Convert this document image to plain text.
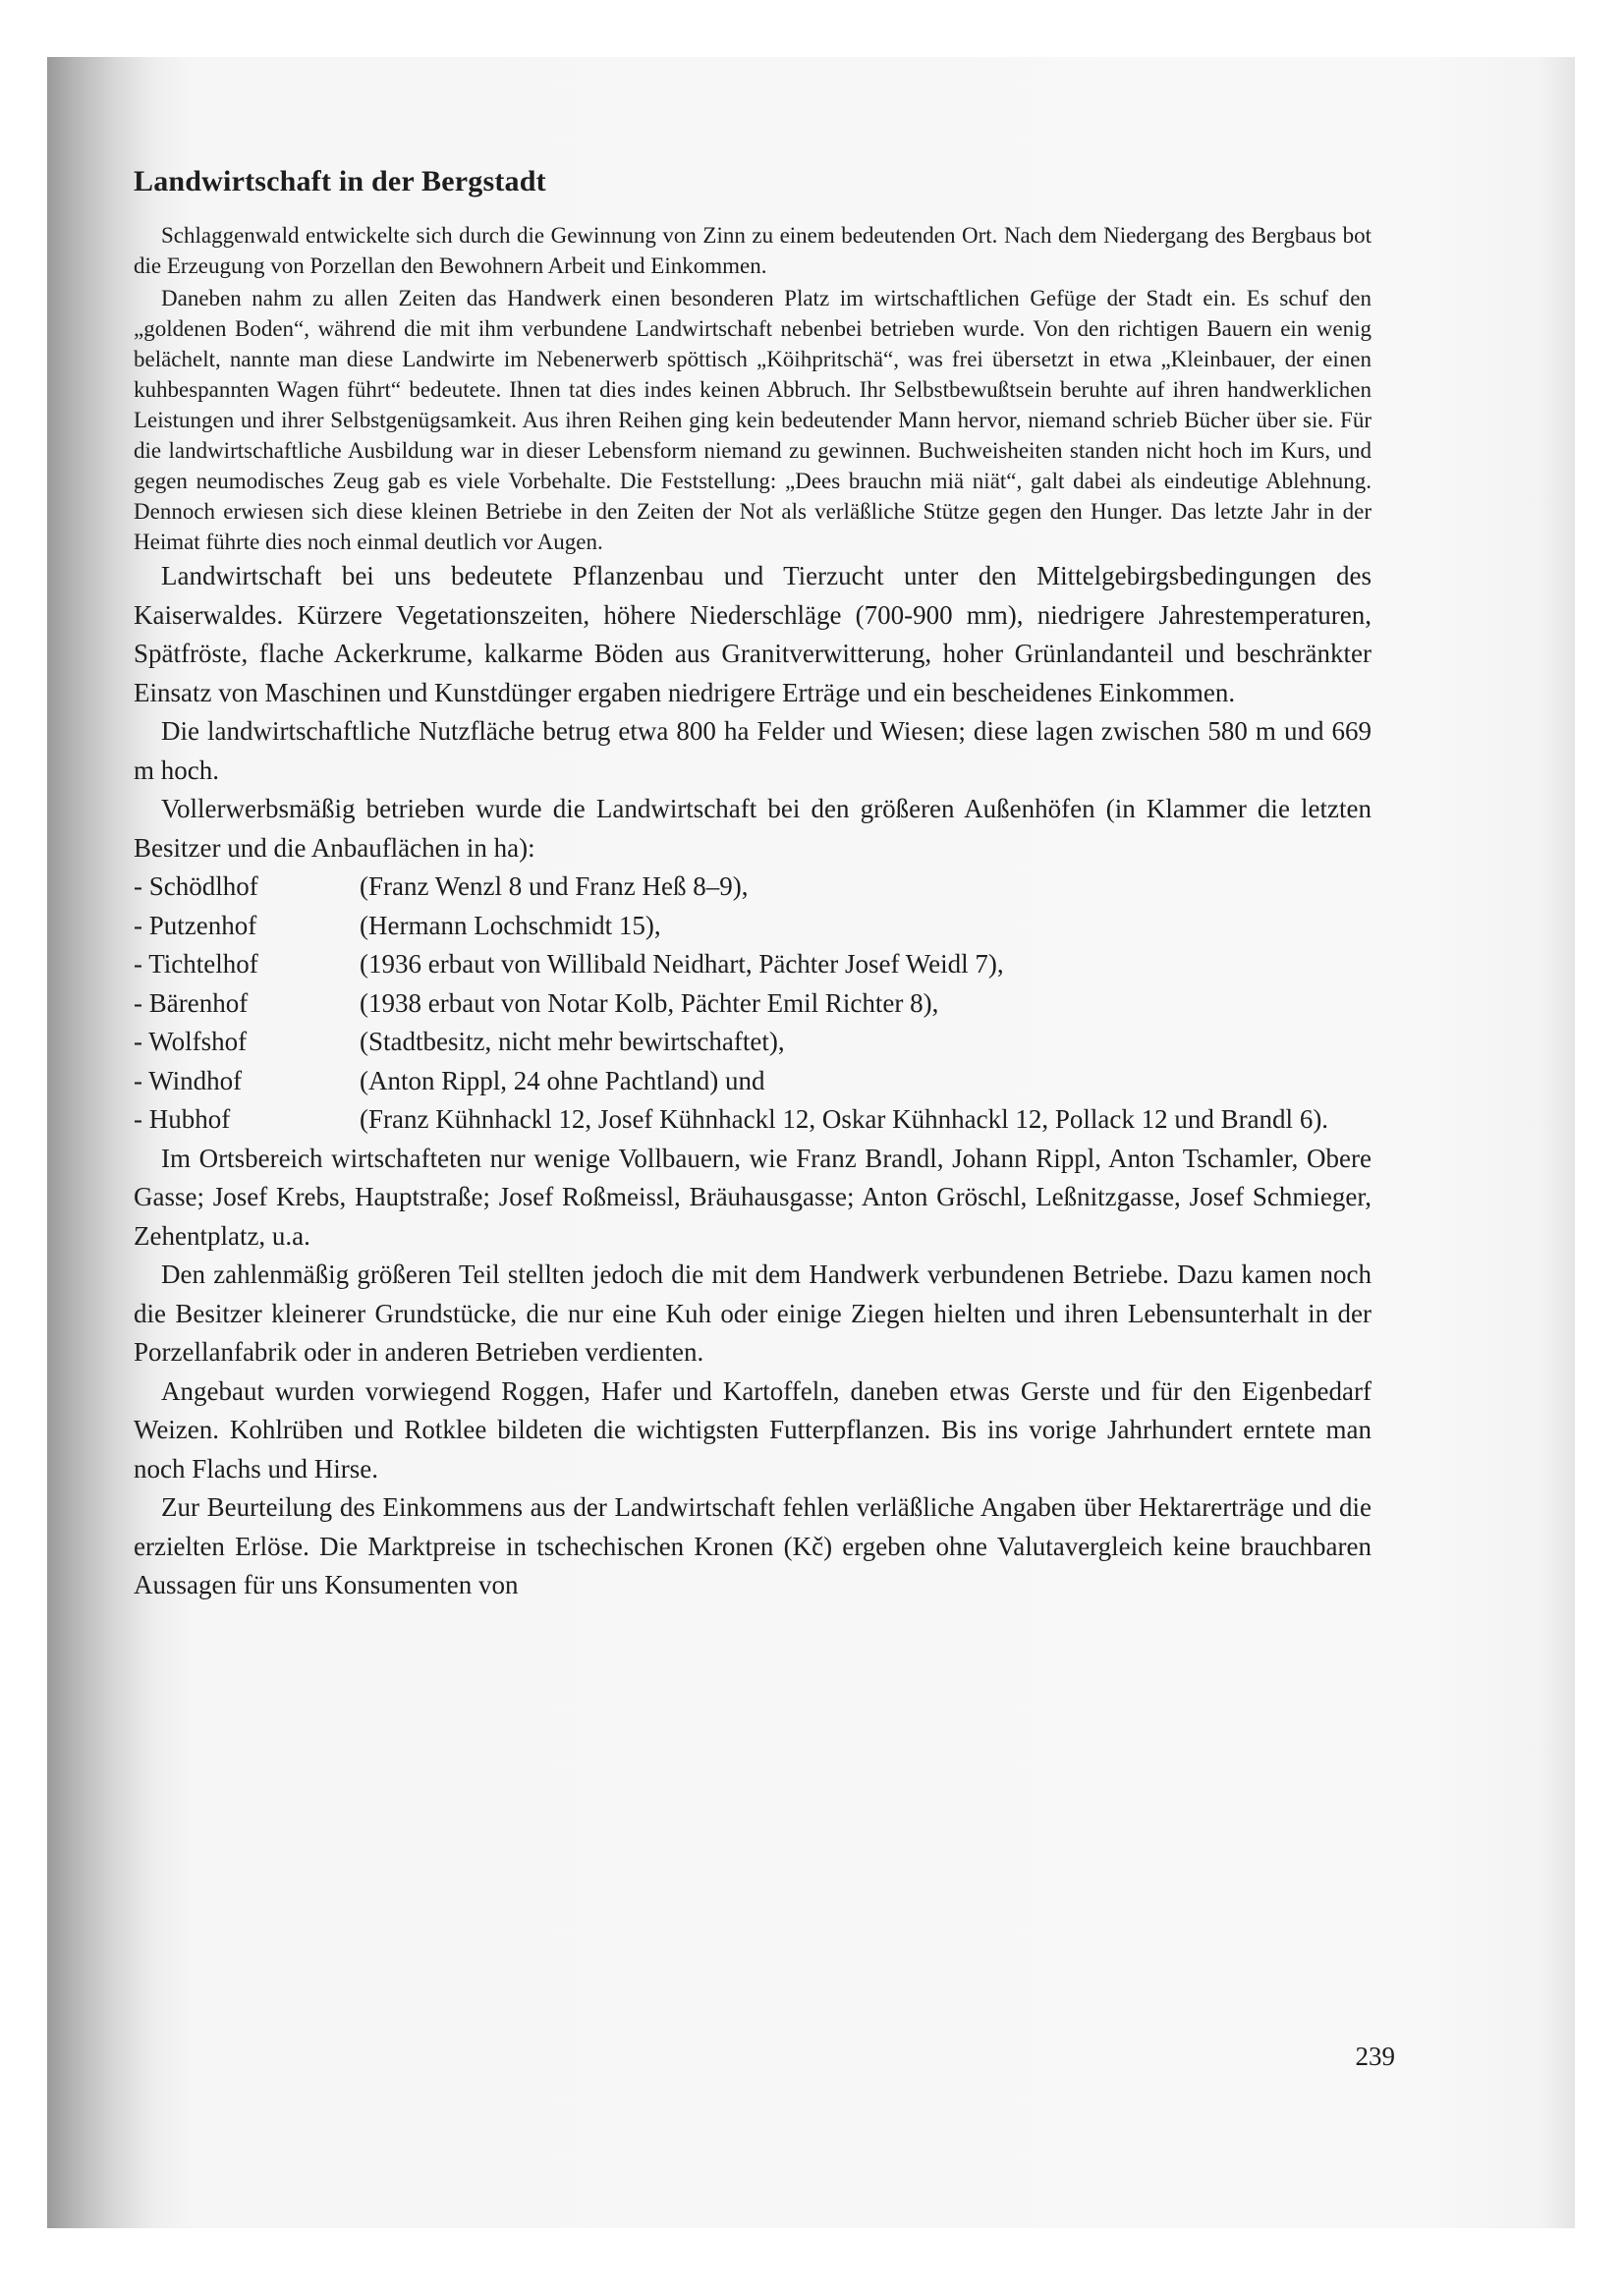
Landwirtschaft in der Bergstadt

Schlaggenwald entwickelte sich durch die Gewinnung von Zinn zu einem bedeutenden Ort. Nach dem Niedergang des Bergbaus bot die Erzeugung von Porzellan den Bewohnern Arbeit und Einkommen.

Daneben nahm zu allen Zeiten das Handwerk einen besonderen Platz im wirtschaftlichen Gefüge der Stadt ein. Es schuf den „goldenen Boden“, während die mit ihm verbundene Landwirtschaft nebenbei betrieben wurde. Von den richtigen Bauern ein wenig belächelt, nannte man diese Landwirte im Nebenerwerb spöttisch „Köihpritschä“, was frei übersetzt in etwa „Kleinbauer, der einen kuhbespannten Wagen führt“ bedeutete. Ihnen tat dies indes keinen Abbruch. Ihr Selbstbewußtsein beruhte auf ihren handwerklichen Leistungen und ihrer Selbstgenügsamkeit. Aus ihren Reihen ging kein bedeutender Mann hervor, niemand schrieb Bücher über sie. Für die landwirtschaftliche Ausbildung war in dieser Lebensform niemand zu gewinnen. Buchweisheiten standen nicht hoch im Kurs, und gegen neumodisches Zeug gab es viele Vorbehalte. Die Feststellung: „Dees brauchn miä niät“, galt dabei als eindeutige Ablehnung. Dennoch erwiesen sich diese kleinen Betriebe in den Zeiten der Not als verläßliche Stütze gegen den Hunger. Das letzte Jahr in der Heimat führte dies noch einmal deutlich vor Augen.

Landwirtschaft bei uns bedeutete Pflanzenbau und Tierzucht unter den Mittelgebirgsbedingungen des Kaiserwaldes. Kürzere Vegetationszeiten, höhere Niederschläge (700-900 mm), niedrigere Jahrestemperaturen, Spätfröste, flache Ackerkrume, kalkarme Böden aus Granitverwitterung, hoher Grünlandanteil und beschränkter Einsatz von Maschinen und Kunstdünger ergaben niedrigere Erträge und ein bescheidenes Einkommen.

Die landwirtschaftliche Nutzfläche betrug etwa 800 ha Felder und Wiesen; diese lagen zwischen 580 m und 669 m hoch.

Vollerwerbsmäßig betrieben wurde die Landwirtschaft bei den größeren Außenhöfen (in Klammer die letzten Besitzer und die Anbauflächen in ha):

- Schödlhof	(Franz Wenzl 8 und Franz Heß 8–9),
- Putzenhof	(Hermann Lochschmidt 15),
- Tichtelhof	(1936 erbaut von Willibald Neidhart, Pächter Josef Weidl 7),
- Bärenhof	(1938 erbaut von Notar Kolb, Pächter Emil Richter 8),
- Wolfshof	(Stadtbesitz, nicht mehr bewirtschaftet),
- Windhof	(Anton Rippl, 24 ohne Pachtland) und
- Hubhof	(Franz Kühnhackl 12, Josef Kühnhackl 12, Oskar Kühnhackl 12, Pollack 12 und Brandl 6).

Im Ortsbereich wirtschafteten nur wenige Vollbauern, wie Franz Brandl, Johann Rippl, Anton Tschamler, Obere Gasse; Josef Krebs, Hauptstraße; Josef Roßmeissl, Bräuhausgasse; Anton Gröschl, Leßnitzgasse, Josef Schmieger, Zehentplatz, u.a.

Den zahlenmäßig größeren Teil stellten jedoch die mit dem Handwerk verbundenen Betriebe. Dazu kamen noch die Besitzer kleinerer Grundstücke, die nur eine Kuh oder einige Ziegen hielten und ihren Lebensunterhalt in der Porzellanfabrik oder in anderen Betrieben verdienten.

Angebaut wurden vorwiegend Roggen, Hafer und Kartoffeln, daneben etwas Gerste und für den Eigenbedarf Weizen. Kohlrüben und Rotklee bildeten die wichtigsten Futterpflanzen. Bis ins vorige Jahrhundert erntete man noch Flachs und Hirse.

Zur Beurteilung des Einkommens aus der Landwirtschaft fehlen verläßliche Angaben über Hektarerträge und die erzielten Erlöse. Die Marktpreise in tschechischen Kronen (Kč) ergeben ohne Valutavergleich keine brauchbaren Aussagen für uns Konsumenten von

239
